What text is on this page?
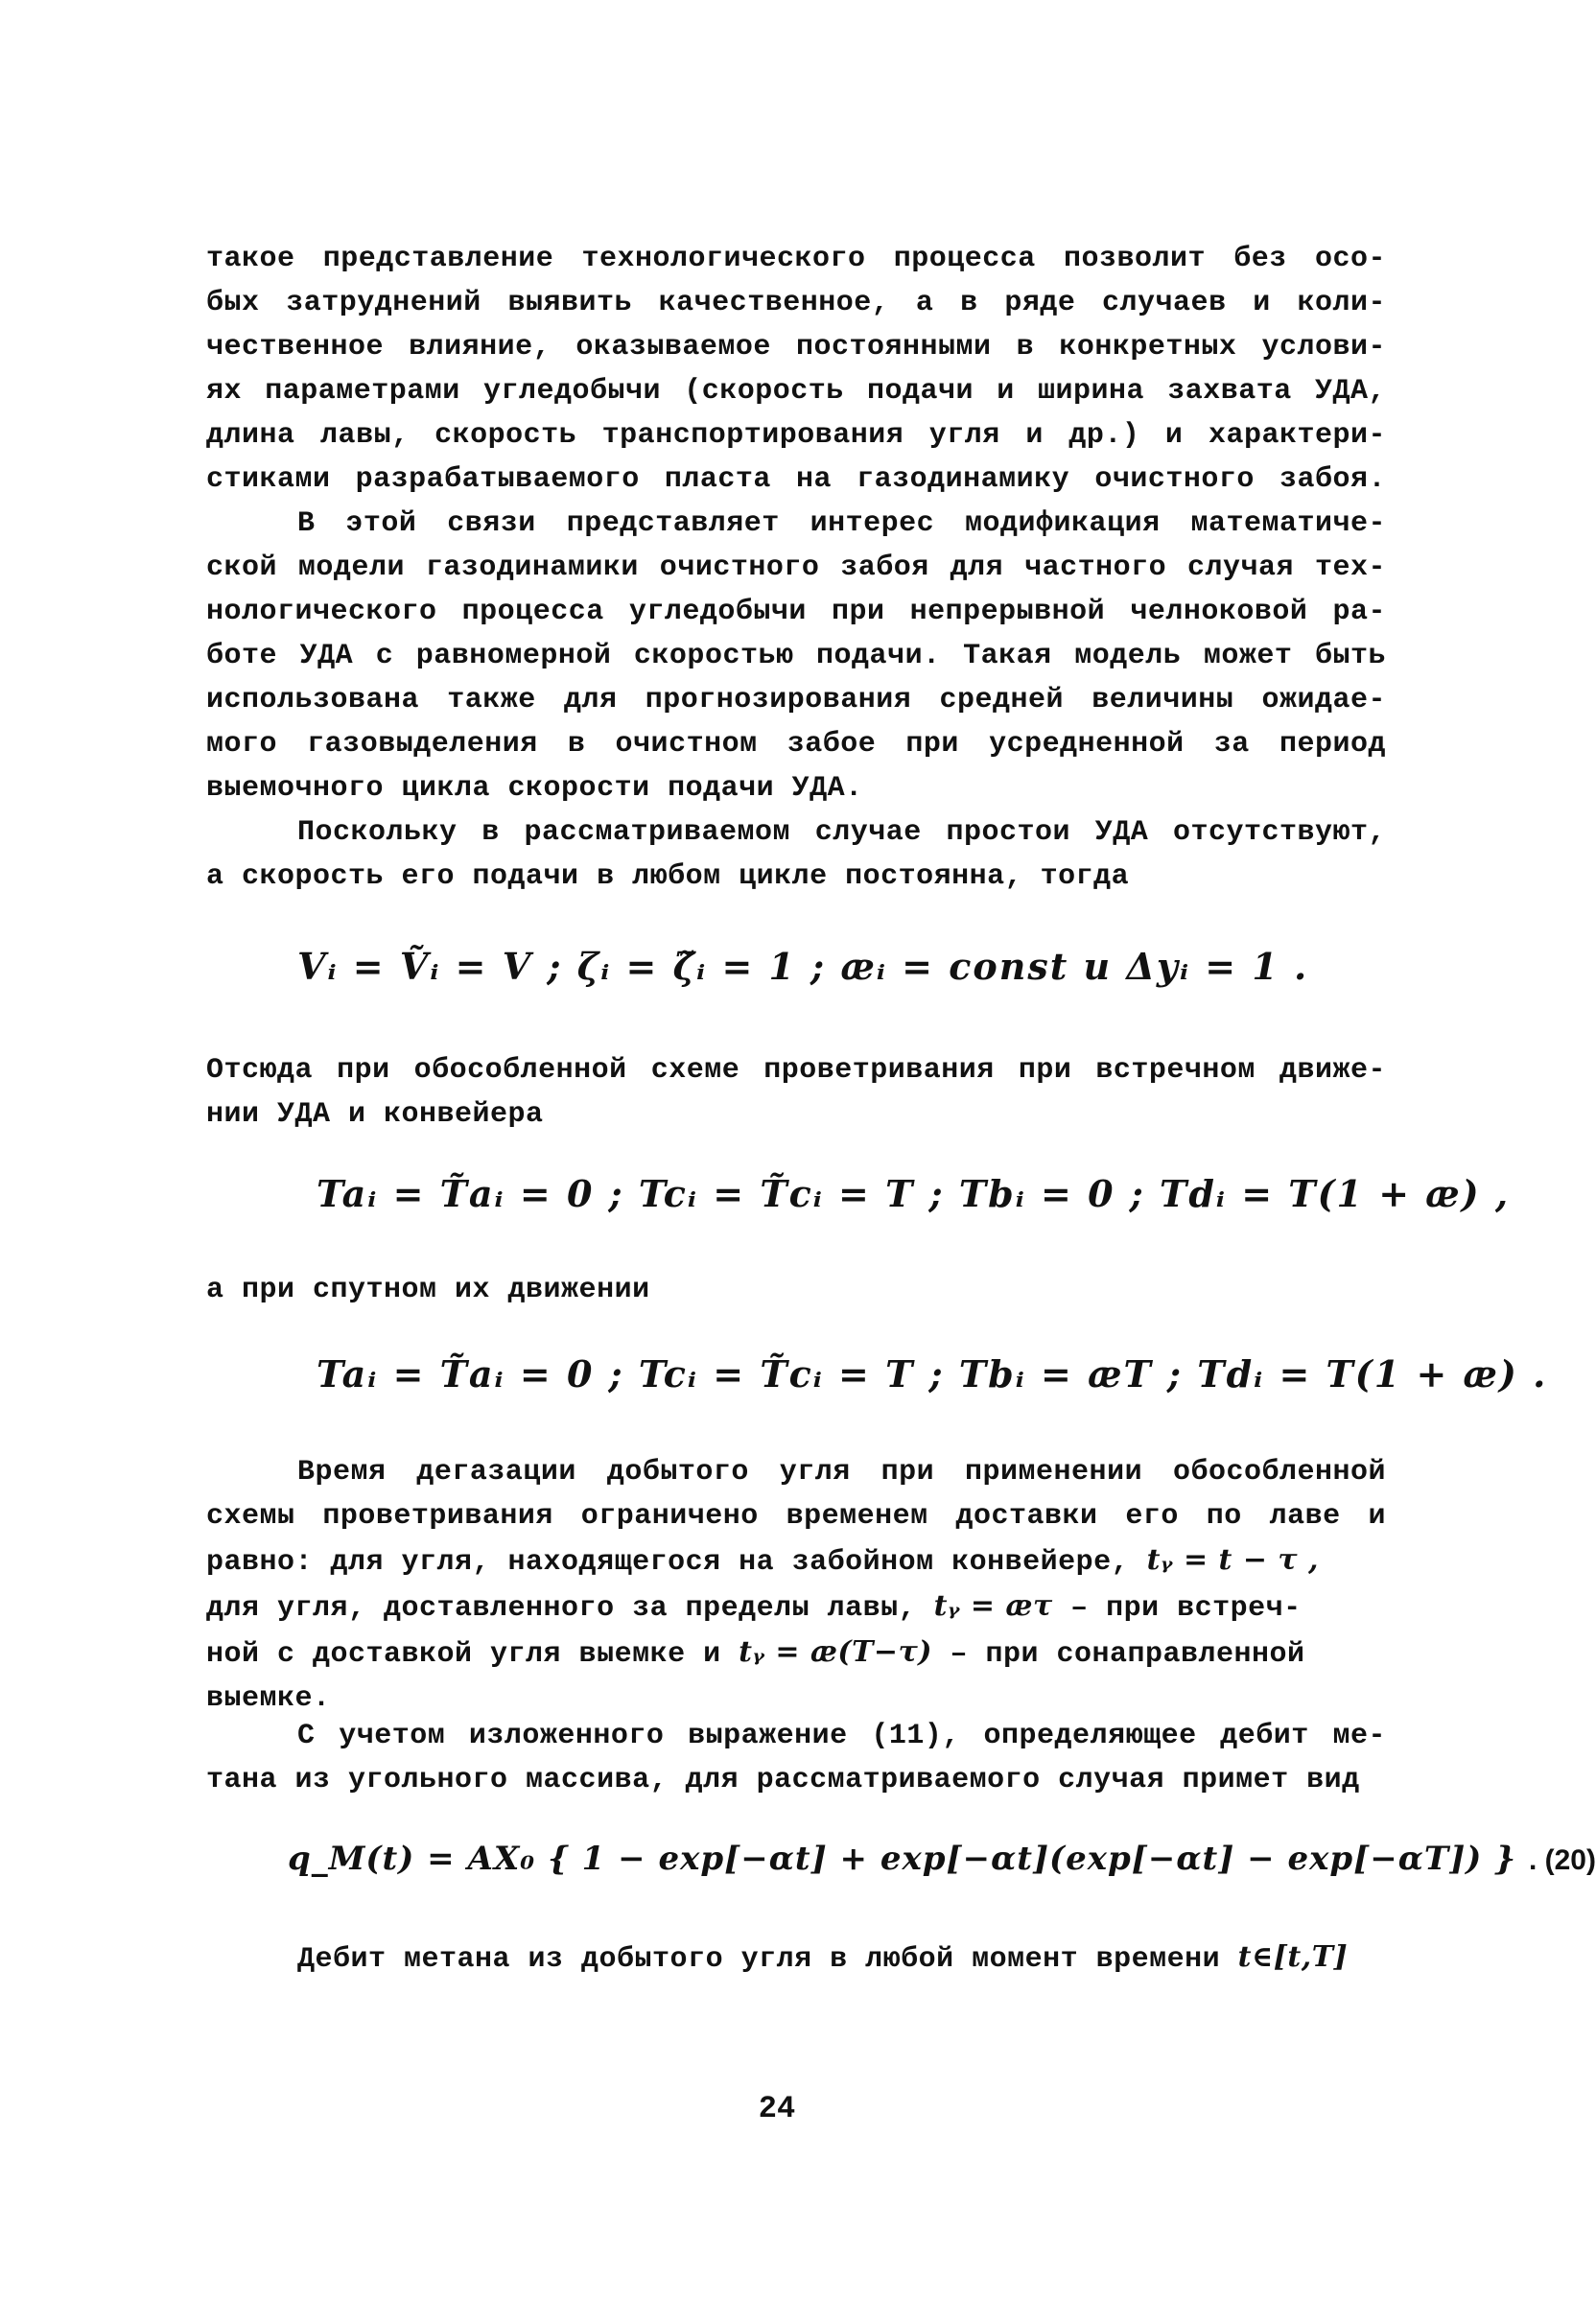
такое представление технологического процесса позволит без осо-
бых затруднений выявить качественное, а в ряде случаев и коли-
чественное влияние, оказываемое постоянными в конкретных услови-
ях параметрами угледобычи (скорость подачи и ширина захвата УДА,
длина лавы, скорость транспортирования угля и др.) и характери-
стиками разрабатываемого пласта на газодинамику очистного забоя.
В этой связи представляет интерес модификация математиче-
ской модели газодинамики очистного забоя для частного случая тех-
нологического процесса угледобычи при непрерывной челноковой ра-
боте УДА с равномерной скоростью подачи. Такая модель может быть
использована также для прогнозирования средней величины ожидае-
мого газовыделения в очистном забое при усредненной за период
выемочного цикла скорости подачи УДА.
Поскольку в рассматриваемом случае простои УДА отсутствуют,
а скорость его подачи в любом цикле постоянна, тогда
Vᵢ = Ṽᵢ = V ; ζᵢ = ζ̃ᵢ = 1 ; æᵢ = const и Δyᵢ = 1 .
Отсюда при обособленной схеме проветривания при встречном движе-
нии УДА и конвейера
Taᵢ = T̃aᵢ = 0 ; Tcᵢ = T̃cᵢ = T ; Tbᵢ = 0 ; Tdᵢ = T(1 + æ) ,
а при спутном их движении
Taᵢ = T̃aᵢ = 0 ; Tcᵢ = T̃cᵢ = T ; Tbᵢ = æT ; Tdᵢ = T(1 + æ) .
Время дегазации добытого угля при применении обособленной
схемы проветривания ограничено временем доставки его по лаве и
равно: для угля, находящегося на забойном конвейере, tᵧ = t − τ ,
для угля, доставленного за пределы лавы, tᵧ = æτ – при встреч-
ной с доставкой угля выемке и tᵧ = æ(T−τ) – при сонаправленной
выемке.
С учетом изложенного выражение (11), определяющее дебит ме-
тана из угольного массива, для рассматриваемого случая примет вид
q_M(t) = AX₀ { 1 − exp[−αt] + exp[−αt](exp[−αt] − exp[−αT]) } . (20)
Дебит метана из добытого угля в любой момент времени t∈[t,T]
24
